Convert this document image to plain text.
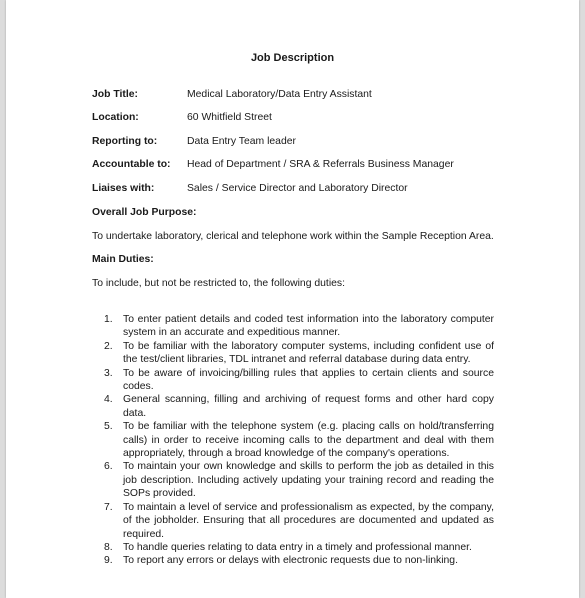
Job Description
Job Title:	Medical Laboratory/Data Entry Assistant
Location:	60 Whitfield Street
Reporting to:	Data Entry Team leader
Accountable to: Head of Department / SRA & Referrals Business Manager
Liaises with:	Sales / Service Director and Laboratory Director
Overall Job Purpose:
To undertake laboratory, clerical and telephone work within the Sample Reception Area.
Main Duties:
To include, but not be restricted to, the following duties:
1. To enter patient details and coded test information into the laboratory computer system in an accurate and expeditious manner.
2. To be familiar with the laboratory computer systems, including confident use of the test/client libraries, TDL intranet and referral database during data entry.
3. To be aware of invoicing/billing rules that applies to certain clients and source codes.
4. General scanning, filling and archiving of request forms and other hard copy data.
5. To be familiar with the telephone system (e.g. placing calls on hold/transferring calls) in order to receive incoming calls to the department and deal with them appropriately, through a broad knowledge of the company's operations.
6. To maintain your own knowledge and skills to perform the job as detailed in this job description. Including actively updating your training record and reading the SOPs provided.
7. To maintain a level of service and professionalism as expected, by the company, of the jobholder. Ensuring that all procedures are documented and updated as required.
8. To handle queries relating to data entry in a timely and professional manner.
9. To report any errors or delays with electronic requests due to non-linking.
